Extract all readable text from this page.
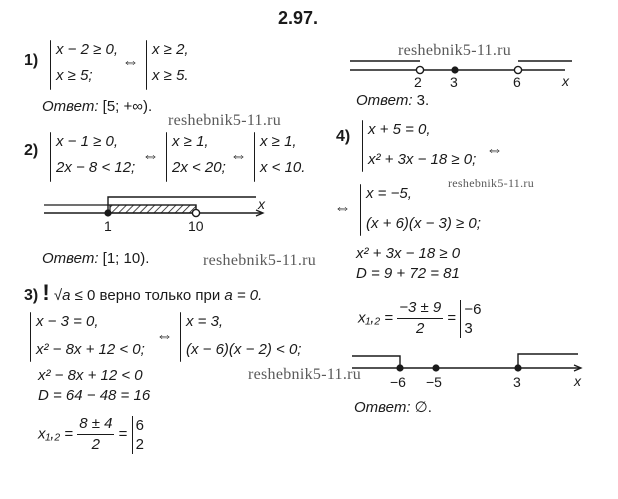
2.97.
reshebnik5-11.ru
reshebnik5-11.ru
reshebnik5-11.ru
reshebnik5-11.ru
reshebnik5-11.ru
1)
x − 2 ≥ 0,
x ≥ 5;
⇔
x ≥ 2,
x ≥ 5.
Ответ: [5; +∞).
2 3	6	x
Ответ: 3.
2)
x − 1 ≥ 0,
2x − 8 < 12;
⇔
x ≥ 1,
2x < 20;
⇔
x ≥ 1,
x < 10.
1	10
x
Ответ: [1; 10).
3) ! √a ≤ 0 верно только при a = 0.
x − 3 = 0,
x² − 8x + 12 < 0;
⇔
x = 3,
(x − 6)(x − 2) < 0;
x² − 8x + 12 < 0
D = 64 − 48 = 16
$x_1,_2 = \frac{8 \pm 4}{2}$ =
6
2
4) x + 5 = 0,
x² + 3x − 18 ≥ 0;
⇔
⇔
x = −5,
(x + 6)(x − 3) ≥ 0;
x² + 3x − 18 ≥ 0
D = 9 + 72 = 81
$x_1,_2 = \frac{-3 \pm 9}{2}$ =
−6
3
−6 −5	3	x
Ответ: ∅.
